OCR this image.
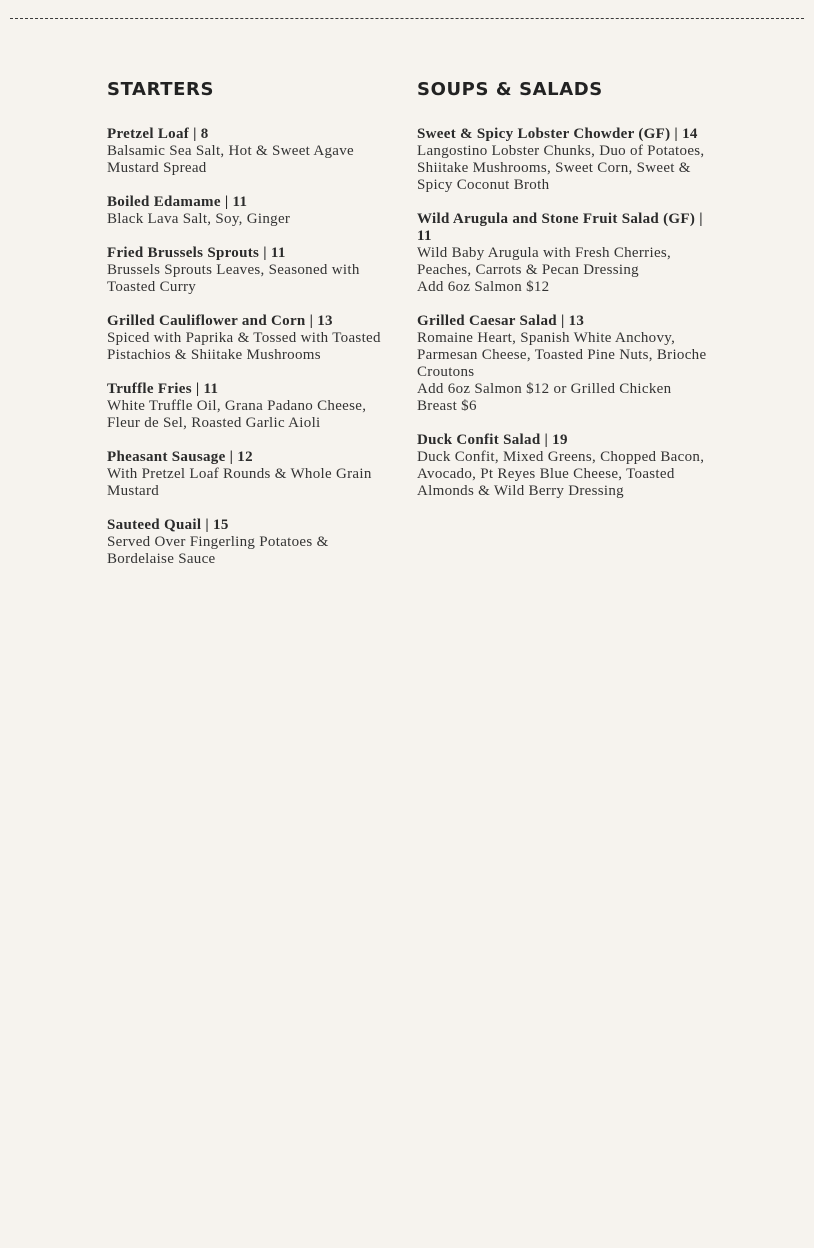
STARTERS
Pretzel Loaf | 8
Balsamic Sea Salt, Hot & Sweet Agave Mustard Spread
Boiled Edamame | 11
Black Lava Salt, Soy, Ginger
Fried Brussels Sprouts | 11
Brussels Sprouts Leaves, Seasoned with Toasted Curry
Grilled Cauliflower and Corn | 13
Spiced with Paprika & Tossed with Toasted Pistachios & Shiitake Mushrooms
Truffle Fries | 11
White Truffle Oil, Grana Padano Cheese, Fleur de Sel, Roasted Garlic Aioli
Pheasant Sausage | 12
With Pretzel Loaf Rounds & Whole Grain Mustard
Sauteed Quail | 15
Served Over Fingerling Potatoes & Bordelaise Sauce
SOUPS & SALADS
Sweet & Spicy Lobster Chowder (GF) | 14
Langostino Lobster Chunks, Duo of Potatoes, Shiitake Mushrooms, Sweet Corn, Sweet & Spicy Coconut Broth
Wild Arugula and Stone Fruit Salad (GF) | 11
Wild Baby Arugula with Fresh Cherries, Peaches, Carrots & Pecan Dressing
Add 6oz Salmon $12
Grilled Caesar Salad | 13
Romaine Heart, Spanish White Anchovy, Parmesan Cheese, Toasted Pine Nuts, Brioche Croutons
Add 6oz Salmon $12 or Grilled Chicken Breast $6
Duck Confit Salad | 19
Duck Confit, Mixed Greens, Chopped Bacon, Avocado, Pt Reyes Blue Cheese, Toasted Almonds & Wild Berry Dressing
